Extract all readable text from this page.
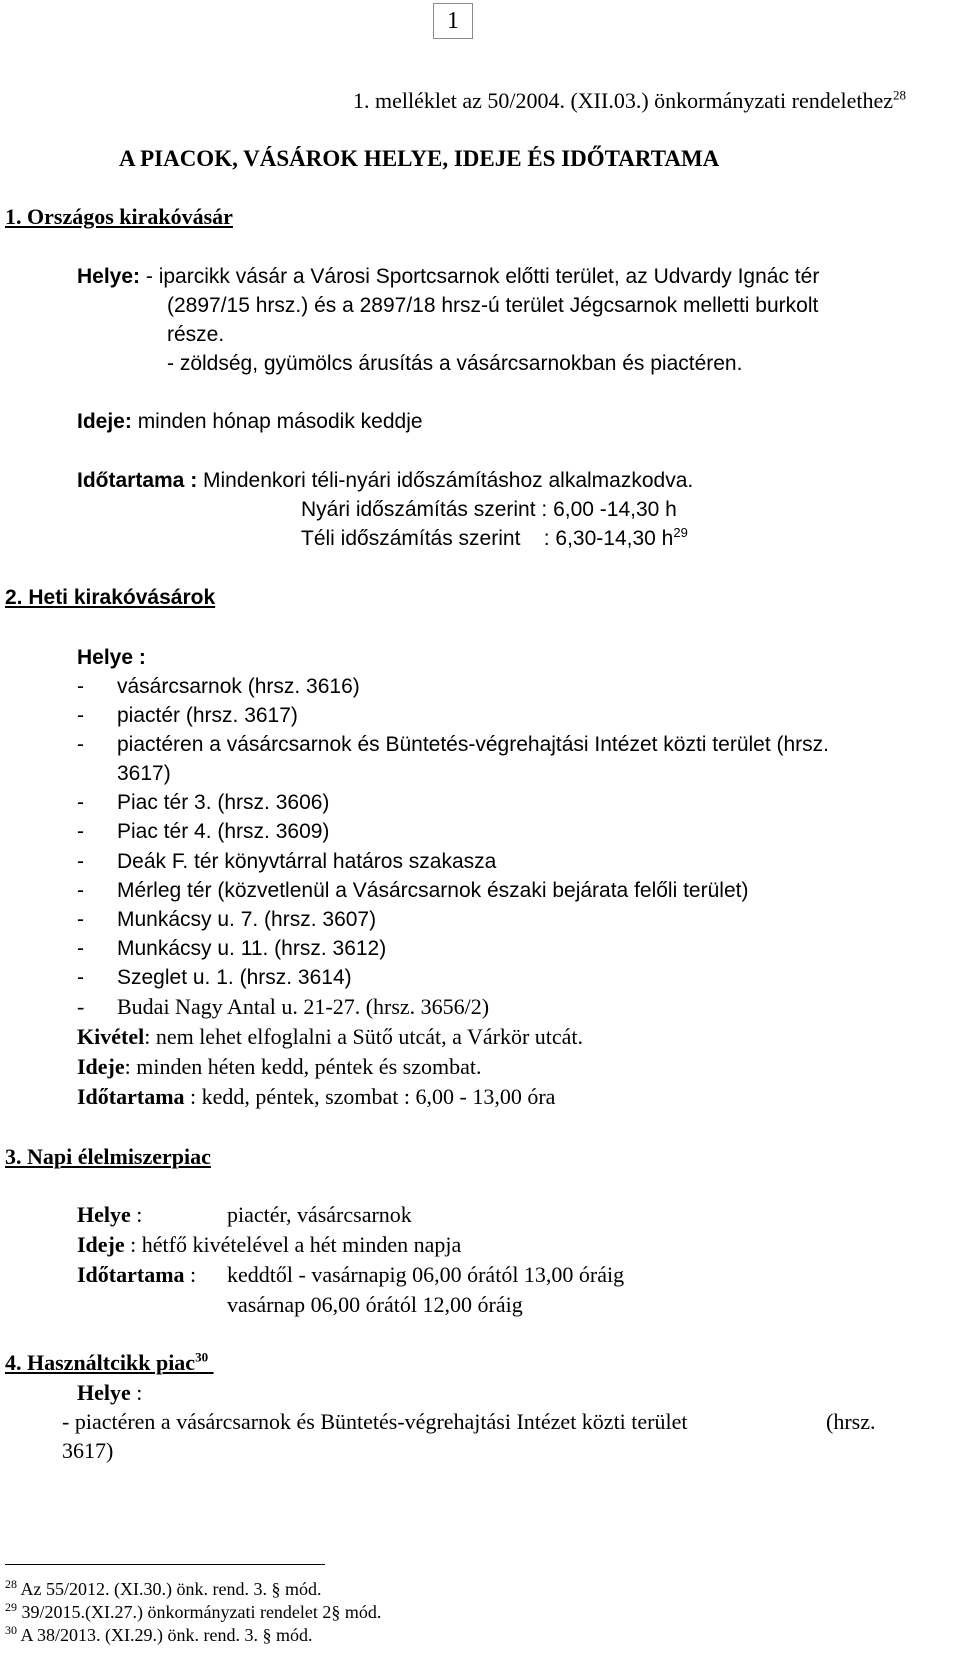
1
1. melléklet az 50/2004. (XII.03.) önkormányzati rendelethez$^{28}$
A PIACOK, VÁSÁROK HELYE, IDEJE ÉS IDŐTARTAMA
1. Országos kirakóvásár
Helye: - iparcikk vásár a Városi Sportcsarnok előtti terület, az Udvardy Ignác tér
(2897/15 hrsz.) és a 2897/18 hrsz-ú terület Jégcsarnok melletti burkolt
része.
- zöldség, gyümölcs árusítás a vásárcsarnokban és piactéren.
Ideje: minden hónap második keddje
Időtartama : Mindenkori téli-nyári időszámításhoz alkalmazkodva.
Nyári időszámítás szerint : 6,00 -14,30 h
Téli időszámítás szerint    : 6,30-14,30 $h^{29}$
2. Heti kirakóvásárok
Helye :
- vásárcsarnok (hrsz. 3616)
- piactér (hrsz. 3617)
- piactéren a vásárcsarnok és Büntetés-végrehajtási Intézet közti terület (hrsz.
3617)
- Piac tér 3. (hrsz. 3606)
- Piac tér 4. (hrsz. 3609)
- Deák F. tér könyvtárral határos szakasza
- Mérleg tér (közvetlenül a Vásárcsarnok északi bejárata felőli terület)
- Munkácsy u. 7. (hrsz. 3607)
- Munkácsy u. 11. (hrsz. 3612)
- Szeglet u. 1. (hrsz. 3614)
- Budai Nagy Antal u. 21-27. (hrsz. 3656/2)
Kivétel: nem lehet elfoglalni a Sütő utcát, a Várkör utcát.
Ideje: minden héten kedd, péntek és szombat.
Időtartama : kedd, péntek, szombat : 6,00 - 13,00 óra
3. Napi élelmiszerpiac
Helye :	piactér, vásárcsarnok
Ideje : hétfő kivételével a hét minden napja
Időtartama : keddtől - vasárnapig 06,00 órától 13,00 óráig
vasárnap 06,00 órától 12,00 óráig
4. Használtcikk piac$^{30}$
Helye :
- piactéren a vásárcsarnok és Büntetés-végrehajtási Intézet közti terület	(hrsz.
3617)
$^{28}$ Az 55/2012. (XI.30.) önk. rend. 3. § mód.
$^{29}$ 39/2015.(XI.27.) önkormányzati rendelet 2§ mód.
$^{30}$ A 38/2013. (XI.29.) önk. rend. 3. § mód.
